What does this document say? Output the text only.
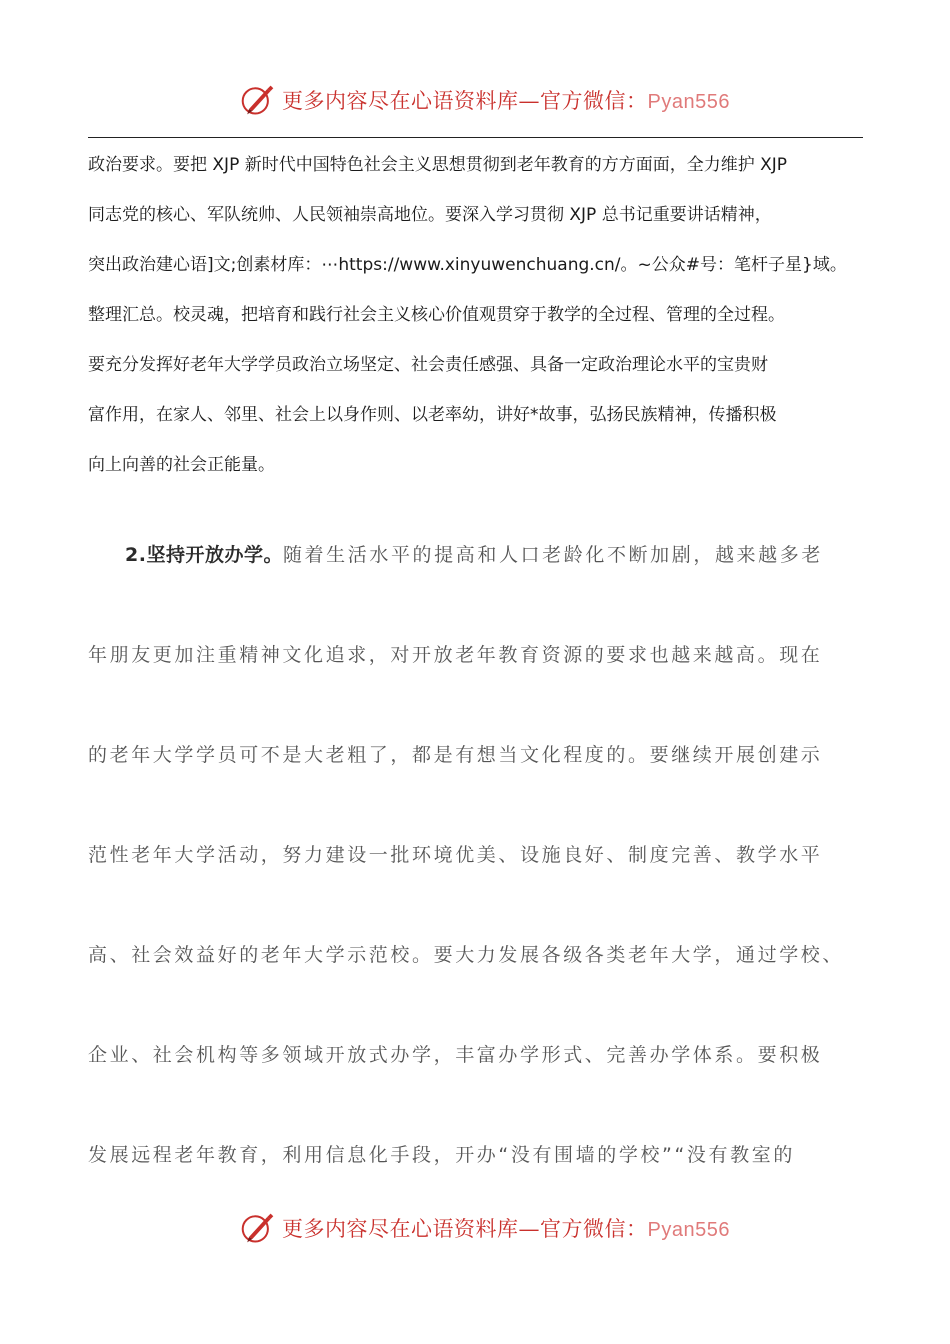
更多内容尽在心语资料库—官方微信：Pyan556
政治要求。要把 XJP 新时代中国特色社会主义思想贯彻到老年教育的方方面面，全力维护 XJP
同志党的核心、军队统帅、人民领袖崇高地位。要深入学习贯彻 XJP 总书记重要讲话精神，
突出政治建心语]文;创素材库：⋯https://www.xinyuwenchuang.cn/。~公众#号：笔杆子星}域。
整理汇总。校灵魂，把培育和践行社会主义核心价值观贯穿于教学的全过程、管理的全过程。
要充分发挥好老年大学学员政治立场坚定、社会责任感强、具备一定政治理论水平的宝贵财
富作用，在家人、邻里、社会上以身作则、以老率幼，讲好*故事，弘扬民族精神，传播积极
向上向善的社会正能量。
2.坚持开放办学。随着生活水平的提高和人口老龄化不断加剧，越来越多老
年朋友更加注重精神文化追求，对开放老年教育资源的要求也越来越高。现在
的老年大学学员可不是大老粗了，都是有想当文化程度的。要继续开展创建示
范性老年大学活动，努力建设一批环境优美、设施良好、制度完善、教学水平
高、社会效益好的老年大学示范校。要大力发展各级各类老年大学，通过学校、
企业、社会机构等多领域开放式办学，丰富办学形式、完善办学体系。要积极
发展远程老年教育，利用信息化手段，开办“没有围墙的学校”“没有教室的
更多内容尽在心语资料库—官方微信：Pyan556
